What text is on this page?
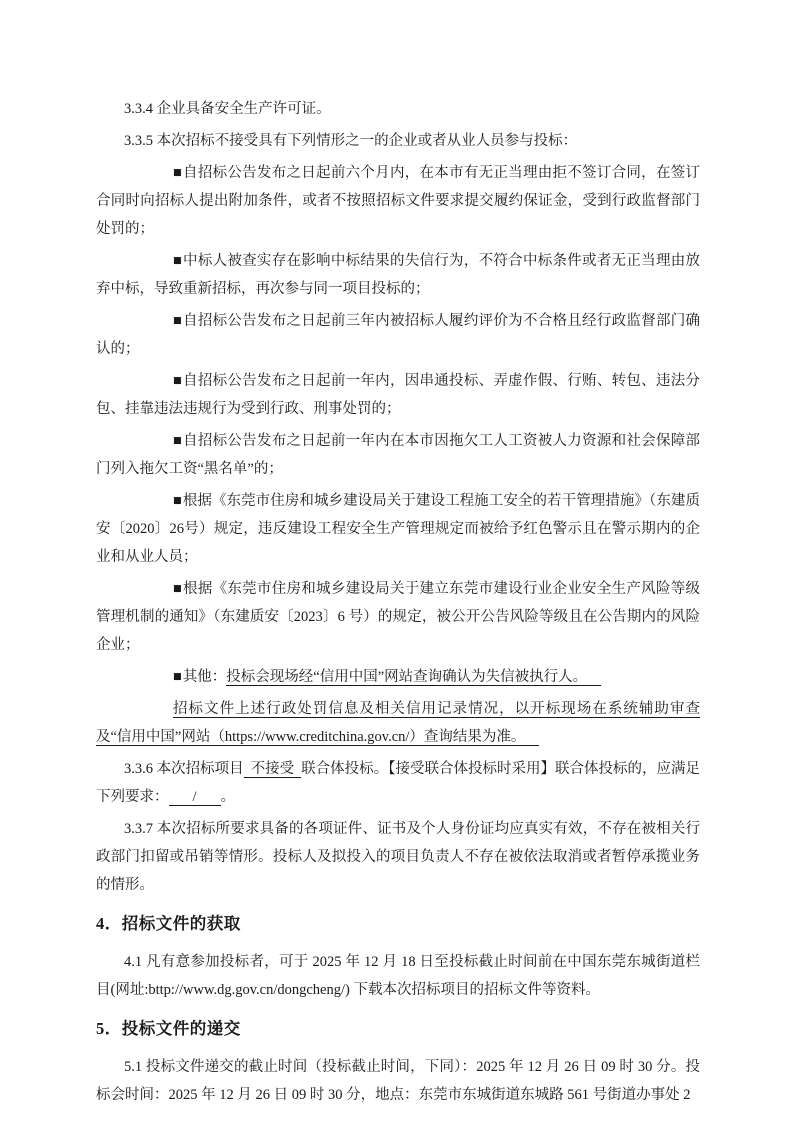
3.3.4 企业具备安全生产许可证。

3.3.5 本次招标不接受具有下列情形之一的企业或者从业人员参与投标：

■自招标公告发布之日起前六个月内，在本市有无正当理由拒不签订合同，在签订合同时向招标人提出附加条件，或者不按照招标文件要求提交履约保证金，受到行政监督部门处罚的；

■中标人被查实存在影响中标结果的失信行为，不符合中标条件或者无正当理由放弃中标，导致重新招标，再次参与同一项目投标的；

■自招标公告发布之日起前三年内被招标人履约评价为不合格且经行政监督部门确认的；

■自招标公告发布之日起前一年内，因串通投标、弄虚作假、行贿、转包、违法分包、挂靠违法违规行为受到行政、刑事处罚的；

■自招标公告发布之日起前一年内在本市因拖欠工人工资被人力资源和社会保障部门列入拖欠工资“黑名单”的；

■根据《东莞市住房和城乡建设局关于建设工程施工安全的若干管理措施》（东建质安〔2020〕26号）规定，违反建设工程安全生产管理规定而被给予红色警示且在警示期内的企业和从业人员；

■根据《东莞市住房和城乡建设局关于建立东莞市建设行业企业安全生产风险等级管理机制的通知》（东建质安〔2023〕6 号）的规定，被公开公告风险等级且在公告期内的风险企业；

■其他：投标会现场经“信用中国”网站查询确认为失信被执行人。

招标文件上述行政处罚信息及相关信用记录情况，以开标现场在系统辅助审查及“信用中国”网站（https://www.creditchina.gov.cn/）查询结果为准。

3.3.6 本次招标项目 不接受 联合体投标。【接受联合体投标时采用】联合体投标的，应满足下列要求： / 。

3.3.7 本次招标所要求具备的各项证件、证书及个人身份证均应真实有效，不存在被相关行政部门扣留或吊销等情形。投标人及拟投入的项目负责人不存在被依法取消或者暂停承揽业务的情形。

4．招标文件的获取

4.1 凡有意参加投标者，可于 2025 年 12 月 18 日至投标截止时间前在中国东莞东城街道栏目(网址:bttp://www.dg.gov.cn/dongcheng/) 下载本次招标项目的招标文件等资料。

5．投标文件的递交

5.1 投标文件递交的截止时间（投标截止时间，下同）：2025 年 12 月 26 日 09 时 30 分。投标会时间：2025 年 12 月 26 日 09 时 30 分，地点：东莞市东城街道东城路 561 号街道办事处 2
